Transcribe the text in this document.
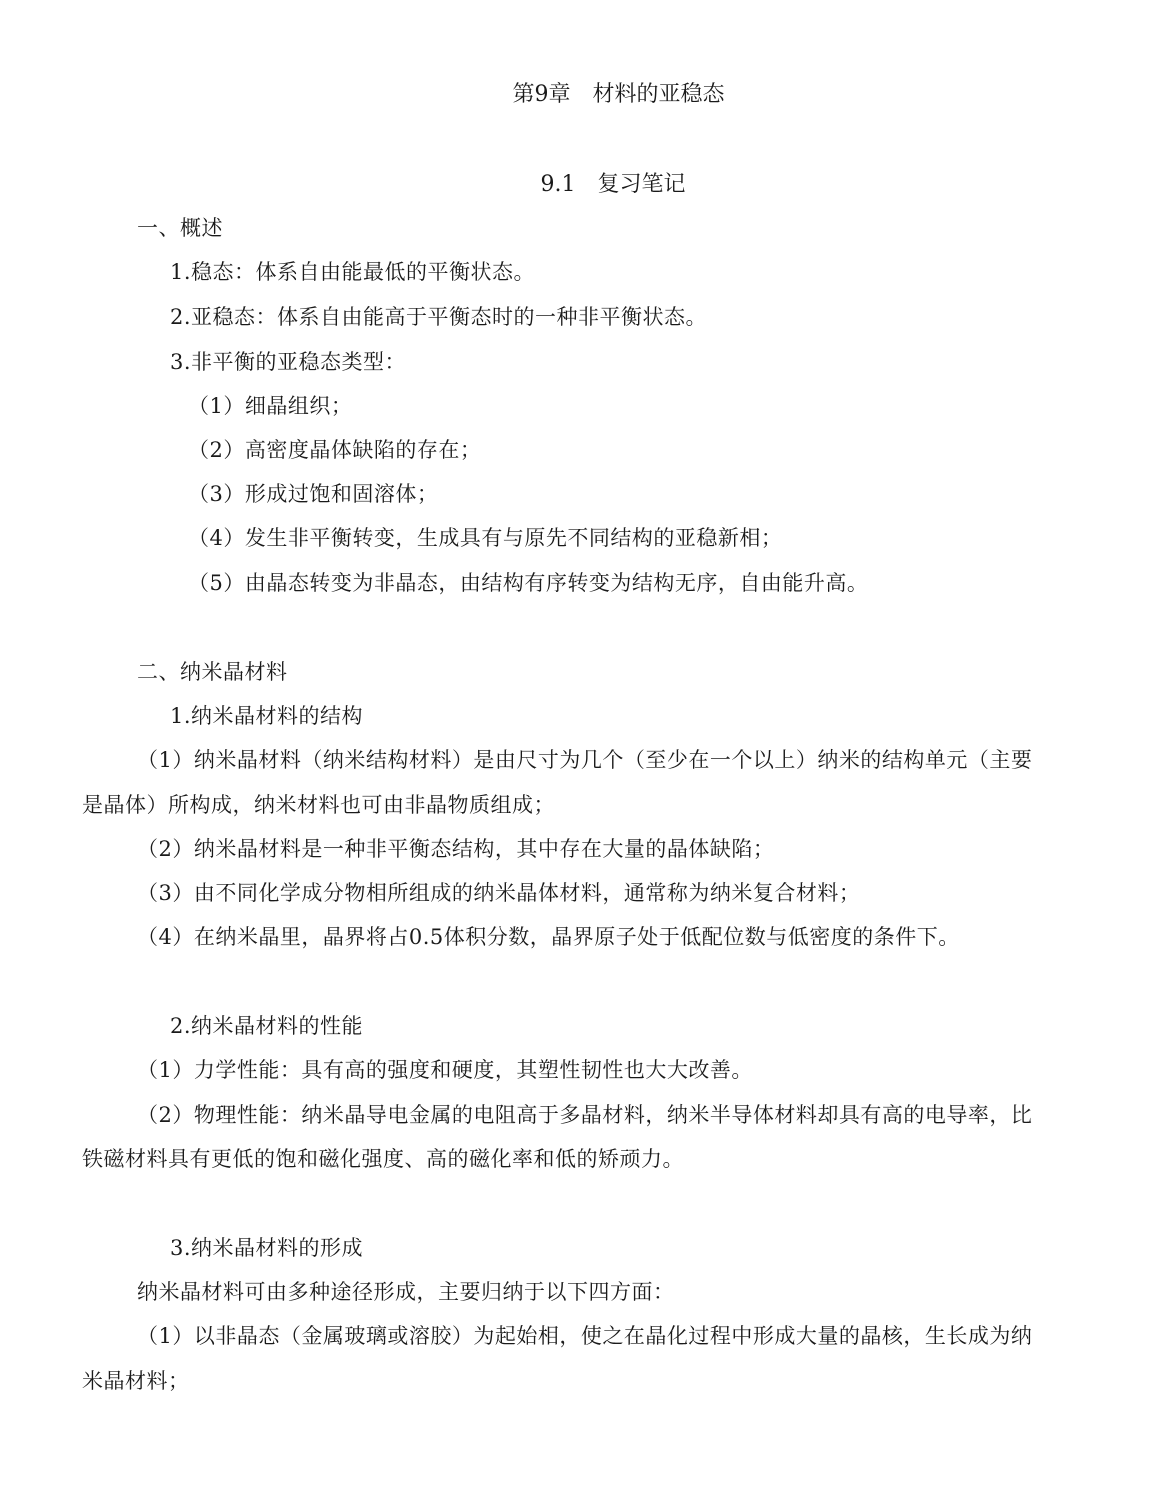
第9章 材料的亚稳态
9.1 复习笔记
一、概述
1.稳态：体系自由能最低的平衡状态。
2.亚稳态：体系自由能高于平衡态时的一种非平衡状态。
3.非平衡的亚稳态类型：
（1）细晶组织；
（2）高密度晶体缺陷的存在；
（3）形成过饱和固溶体；
（4）发生非平衡转变，生成具有与原先不同结构的亚稳新相；
（5）由晶态转变为非晶态，由结构有序转变为结构无序，自由能升高。
二、纳米晶材料
1.纳米晶材料的结构
（1）纳米晶材料（纳米结构材料）是由尺寸为几个（至少在一个以上）纳米的结构单元（主要
是晶体）所构成，纳米材料也可由非晶物质组成；
（2）纳米晶材料是一种非平衡态结构，其中存在大量的晶体缺陷；
（3）由不同化学成分物相所组成的纳米晶体材料，通常称为纳米复合材料；
（4）在纳米晶里，晶界将占0.5体积分数，晶界原子处于低配位数与低密度的条件下。
2.纳米晶材料的性能
（1）力学性能：具有高的强度和硬度，其塑性韧性也大大改善。
（2）物理性能：纳米晶导电金属的电阻高于多晶材料，纳米半导体材料却具有高的电导率，比
铁磁材料具有更低的饱和磁化强度、高的磁化率和低的矫顽力。
3.纳米晶材料的形成
纳米晶材料可由多种途径形成，主要归纳于以下四方面：
（1）以非晶态（金属玻璃或溶胶）为起始相，使之在晶化过程中形成大量的晶核，生长成为纳
米晶材料；
